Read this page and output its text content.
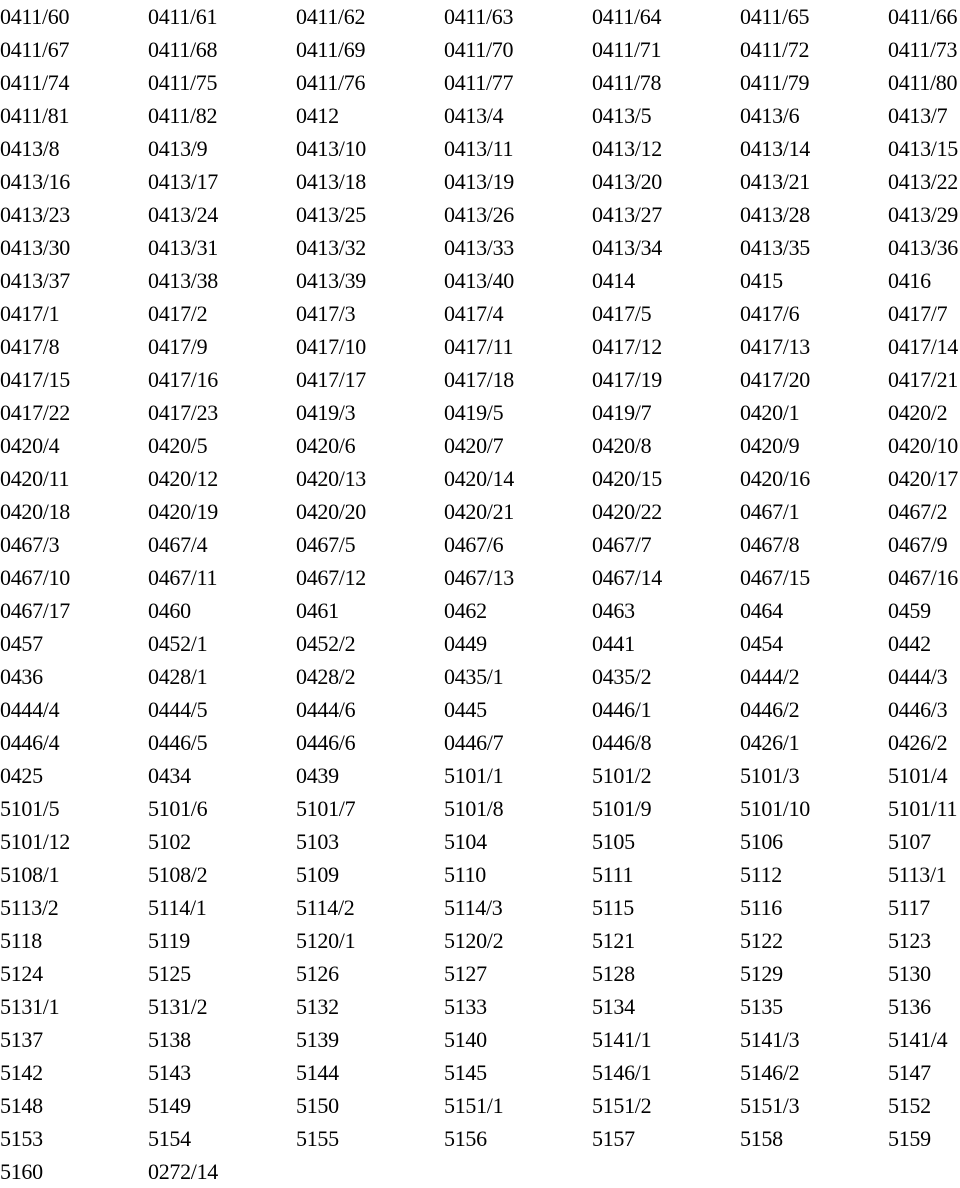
0411/60	0411/61	0411/62	0411/63	0411/64	0411/65	0411/66
0411/67	0411/68	0411/69	0411/70	0411/71	0411/72	0411/73
0411/74	0411/75	0411/76	0411/77	0411/78	0411/79	0411/80
0411/81	0411/82	0412	0413/4	0413/5	0413/6	0413/7
0413/8	0413/9	0413/10	0413/11	0413/12	0413/14	0413/15
0413/16	0413/17	0413/18	0413/19	0413/20	0413/21	0413/22
0413/23	0413/24	0413/25	0413/26	0413/27	0413/28	0413/29
0413/30	0413/31	0413/32	0413/33	0413/34	0413/35	0413/36
0413/37	0413/38	0413/39	0413/40	0414	0415	0416
0417/1	0417/2	0417/3	0417/4	0417/5	0417/6	0417/7
0417/8	0417/9	0417/10	0417/11	0417/12	0417/13	0417/14
0417/15	0417/16	0417/17	0417/18	0417/19	0417/20	0417/21
0417/22	0417/23	0419/3	0419/5	0419/7	0420/1	0420/2
0420/4	0420/5	0420/6	0420/7	0420/8	0420/9	0420/10
0420/11	0420/12	0420/13	0420/14	0420/15	0420/16	0420/17
0420/18	0420/19	0420/20	0420/21	0420/22	0467/1	0467/2
0467/3	0467/4	0467/5	0467/6	0467/7	0467/8	0467/9
0467/10	0467/11	0467/12	0467/13	0467/14	0467/15	0467/16
0467/17	0460	0461	0462	0463	0464	0459
0457	0452/1	0452/2	0449	0441	0454	0442
0436	0428/1	0428/2	0435/1	0435/2	0444/2	0444/3
0444/4	0444/5	0444/6	0445	0446/1	0446/2	0446/3
0446/4	0446/5	0446/6	0446/7	0446/8	0426/1	0426/2
0425	0434	0439	5101/1	5101/2	5101/3	5101/4
5101/5	5101/6	5101/7	5101/8	5101/9	5101/10	5101/11
5101/12	5102	5103	5104	5105	5106	5107
5108/1	5108/2	5109	5110	5111	5112	5113/1
5113/2	5114/1	5114/2	5114/3	5115	5116	5117
5118	5119	5120/1	5120/2	5121	5122	5123
5124	5125	5126	5127	5128	5129	5130
5131/1	5131/2	5132	5133	5134	5135	5136
5137	5138	5139	5140	5141/1	5141/3	5141/4
5142	5143	5144	5145	5146/1	5146/2	5147
5148	5149	5150	5151/1	5151/2	5151/3	5152
5153	5154	5155	5156	5157	5158	5159
5160	0272/14
